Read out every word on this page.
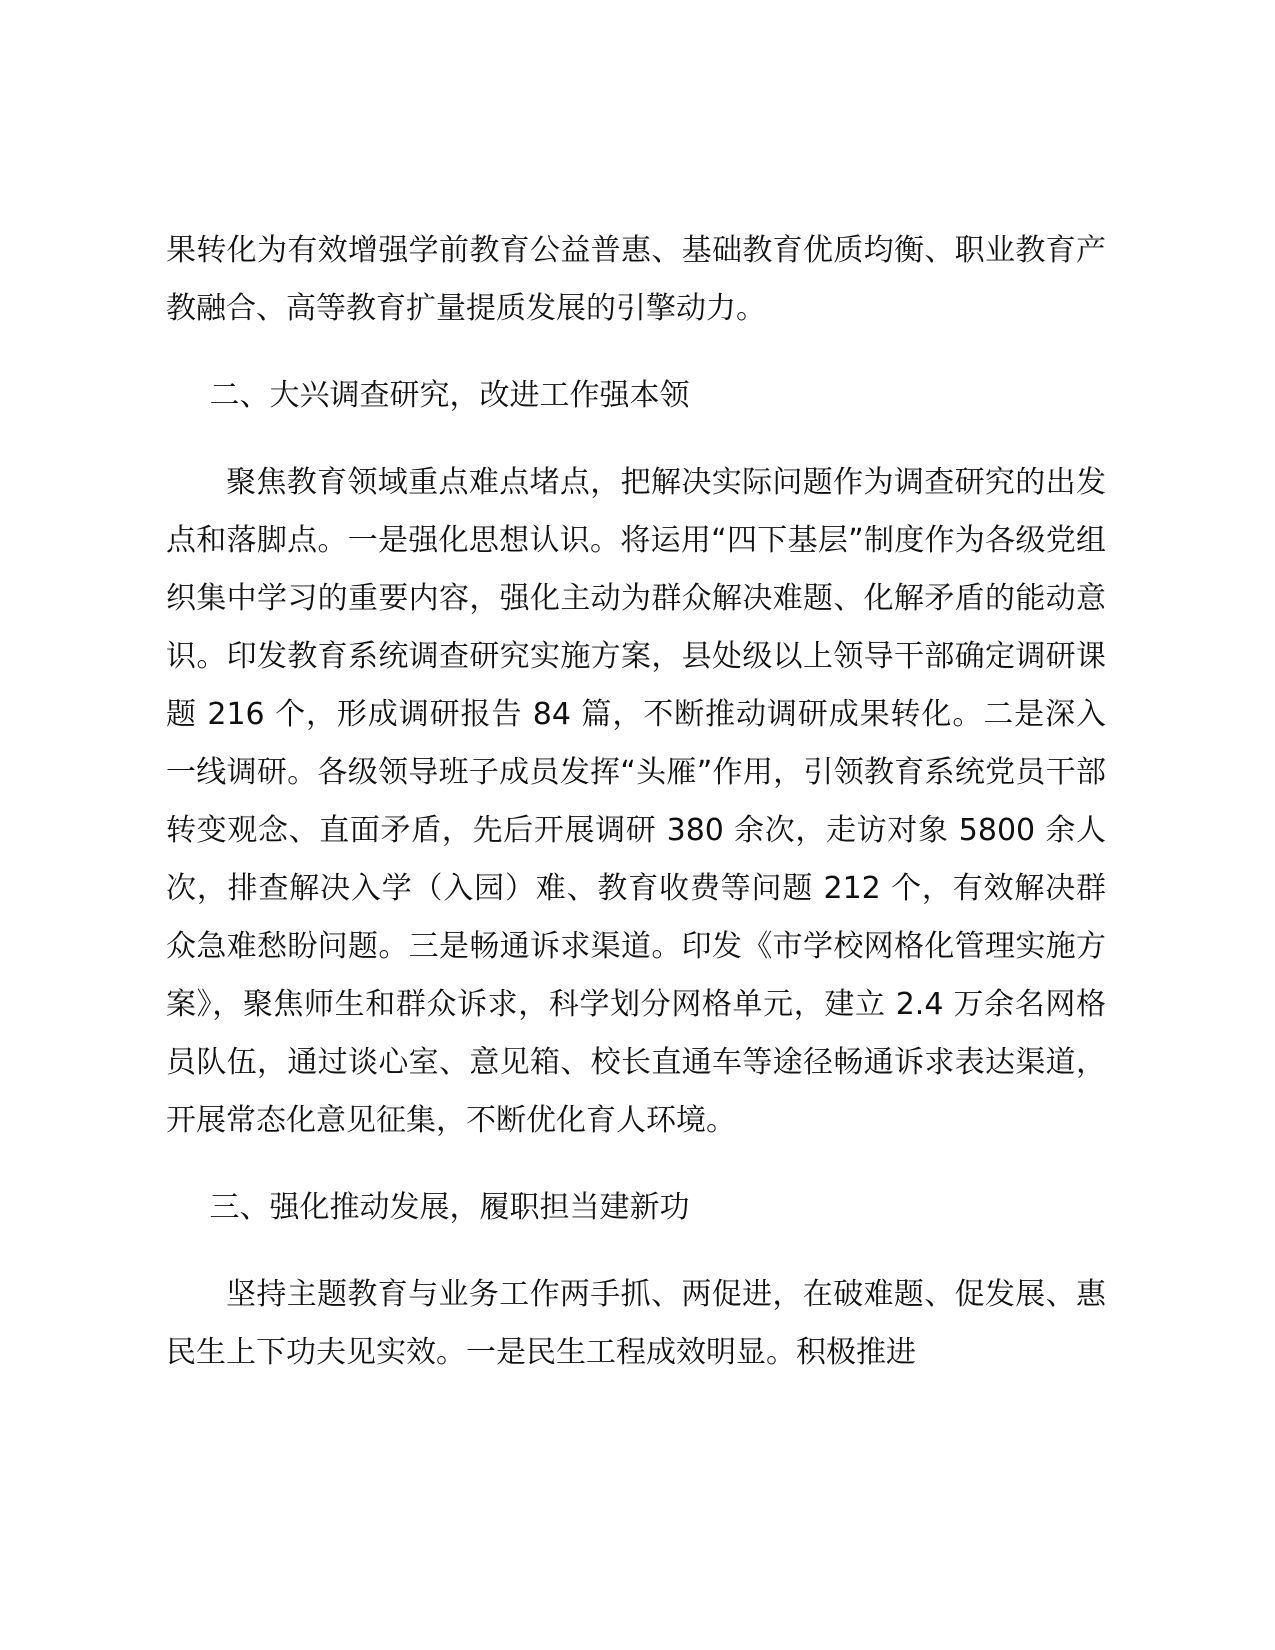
果转化为有效增强学前教育公益普惠、基础教育优质均衡、职业教育产教融合、高等教育扩量提质发展的引擎动力。

二、大兴调查研究，改进工作强本领

聚焦教育领域重点难点堵点，把解决实际问题作为调查研究的出发点和落脚点。一是强化思想认识。将运用“四下基层”制度作为各级党组织集中学习的重要内容，强化主动为群众解决难题、化解矛盾的能动意识。印发教育系统调查研究实施方案，县处级以上领导干部确定调研课题 216 个，形成调研报告 84 篇，不断推动调研成果转化。二是深入一线调研。各级领导班子成员发挥“头雁”作用，引领教育系统党员干部转变观念、直面矛盾，先后开展调研 380 余次，走访对象 5800 余人次，排查解决入学（入园）难、教育收费等问题 212 个，有效解决群众急难愁盼问题。三是畅通诉求渠道。印发《市学校网格化管理实施方案》，聚焦师生和群众诉求，科学划分网格单元，建立 2.4 万余名网格员队伍，通过谈心室、意见箱、校长直通车等途径畅通诉求表达渠道，开展常态化意见征集，不断优化育人环境。

三、强化推动发展，履职担当建新功

坚持主题教育与业务工作两手抓、两促进，在破难题、促发展、惠民生上下功夫见实效。一是民生工程成效明显。积极推进
